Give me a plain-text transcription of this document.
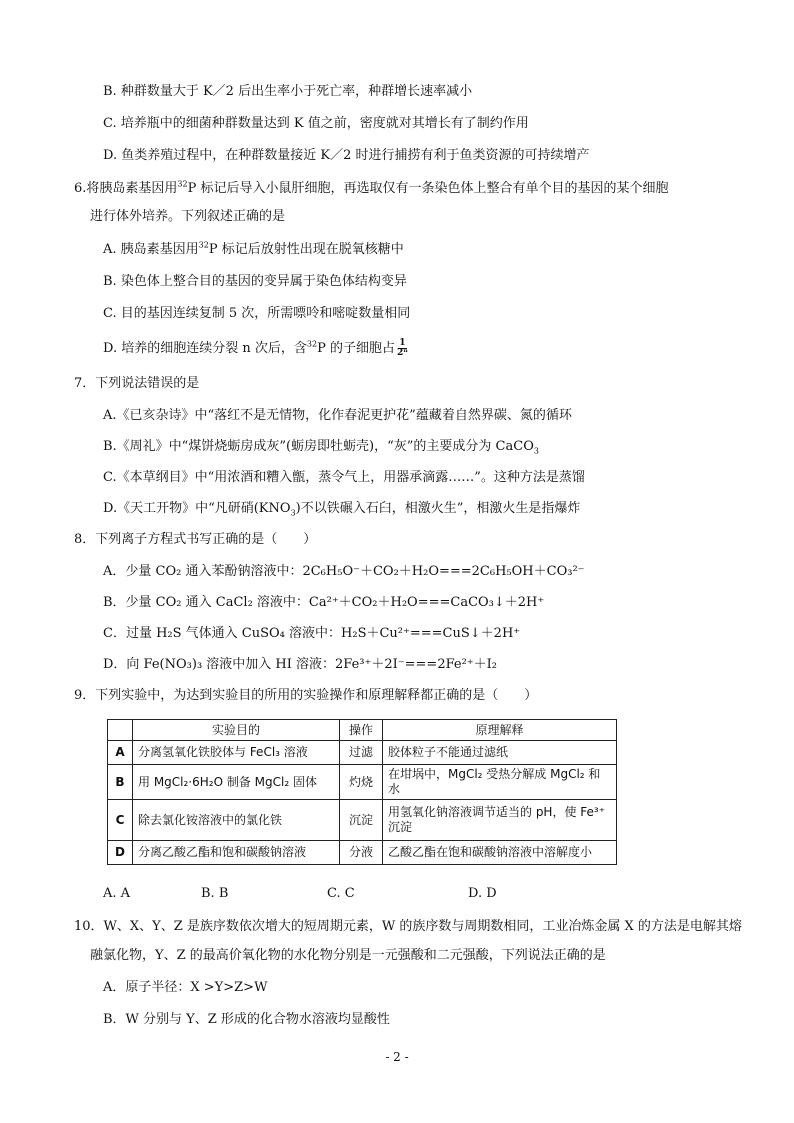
B. 种群数量大于 K／2 后出生率小于死亡率，种群增长速率减小
C. 培养瓶中的细菌种群数量达到 K 值之前，密度就对其增长有了制约作用
D. 鱼类养殖过程中，在种群数量接近 K／2 时进行捕捞有利于鱼类资源的可持续增产
6.将胰岛素基因用$^{32}$P 标记后导入小鼠肝细胞，再选取仅有一条染色体上整合有单个目的基因的某个细胞
进行体外培养。下列叙述正确的是
A. 胰岛素基因用$^{32}$P 标记后放射性出现在脱氧核糖中
B. 染色体上整合目的基因的变异属于染色体结构变异
C. 目的基因连续复制 5 次，所需嘌呤和嘧啶数量相同
D. 培养的细胞连续分裂 n 次后，含$^{32}$P 的子细胞占 $\frac{1}{\text{2ⁿ}}$
7．下列说法错误的是
A.《已亥杂诗》中“落红不是无情物，化作春泥更护花”蕴藏着自然界碳、氮的循环
B.《周礼》中“煤饼烧蛎房成灰”(蛎房即牡蛎壳)，“灰”的主要成分为 CaCO$_3$
C.《本草纲目》中“用浓酒和糟入甑，蒸令气上，用器承滴露……”。这种方法是蒸馏
D.《天工开物》中“凡研硝$(KNO_3)$不以铁碾入石臼，相激火生”，相激火生是指爆炸
8．下列离子方程式书写正确的是（　　）
A．少量 CO₂ 通入苯酚钠溶液中：2C₆H₅O⁻＋CO₂＋H₂O===2C₆H₅OH＋CO₃²⁻
B．少量 CO₂ 通入 CaCl₂ 溶液中：Ca²⁺＋CO₂＋H₂O===CaCO₃↓＋2H⁺
C．过量 H₂S 气体通入 CuSO₄ 溶液中：H₂S＋Cu²⁺===CuS↓＋2H⁺
D．向 Fe(NO₃)₃ 溶液中加入 HI 溶液：2Fe³⁺＋2I⁻===2Fe²⁺＋I₂
9．下列实验中，为达到实验目的所用的实验操作和原理解释都正确的是（　　）
	实验目的	操作	原理解释
A	分离氢氧化铁胶体与 FeCl₃ 溶液	过滤	胶体粒子不能通过滤纸
B	用 MgCl₂·6H₂O 制备 MgCl₂ 固体	灼烧	在坩埚中，MgCl₂ 受热分解成 MgCl₂ 和水
C	除去氯化铵溶液中的氯化铁	沉淀	用氢氧化钠溶液调节适当的 pH，使 Fe³⁺沉淀
D	分离乙酸乙酯和饱和碳酸钠溶液	分液	乙酸乙酯在饱和碳酸钠溶液中溶解度小
A. A	B. B	C. C	D. D
10．W、X、Y、Z 是族序数依次增大的短周期元素，W 的族序数与周期数相同，工业冶炼金属 X 的方法是电解其熔
融氯化物，Y、Z 的最高价氧化物的水化物分别是一元强酸和二元强酸，下列说法正确的是
A．原子半径：X >Y>Z>W
B．W 分别与 Y、Z 形成的化合物水溶液均显酸性
- 2 -
